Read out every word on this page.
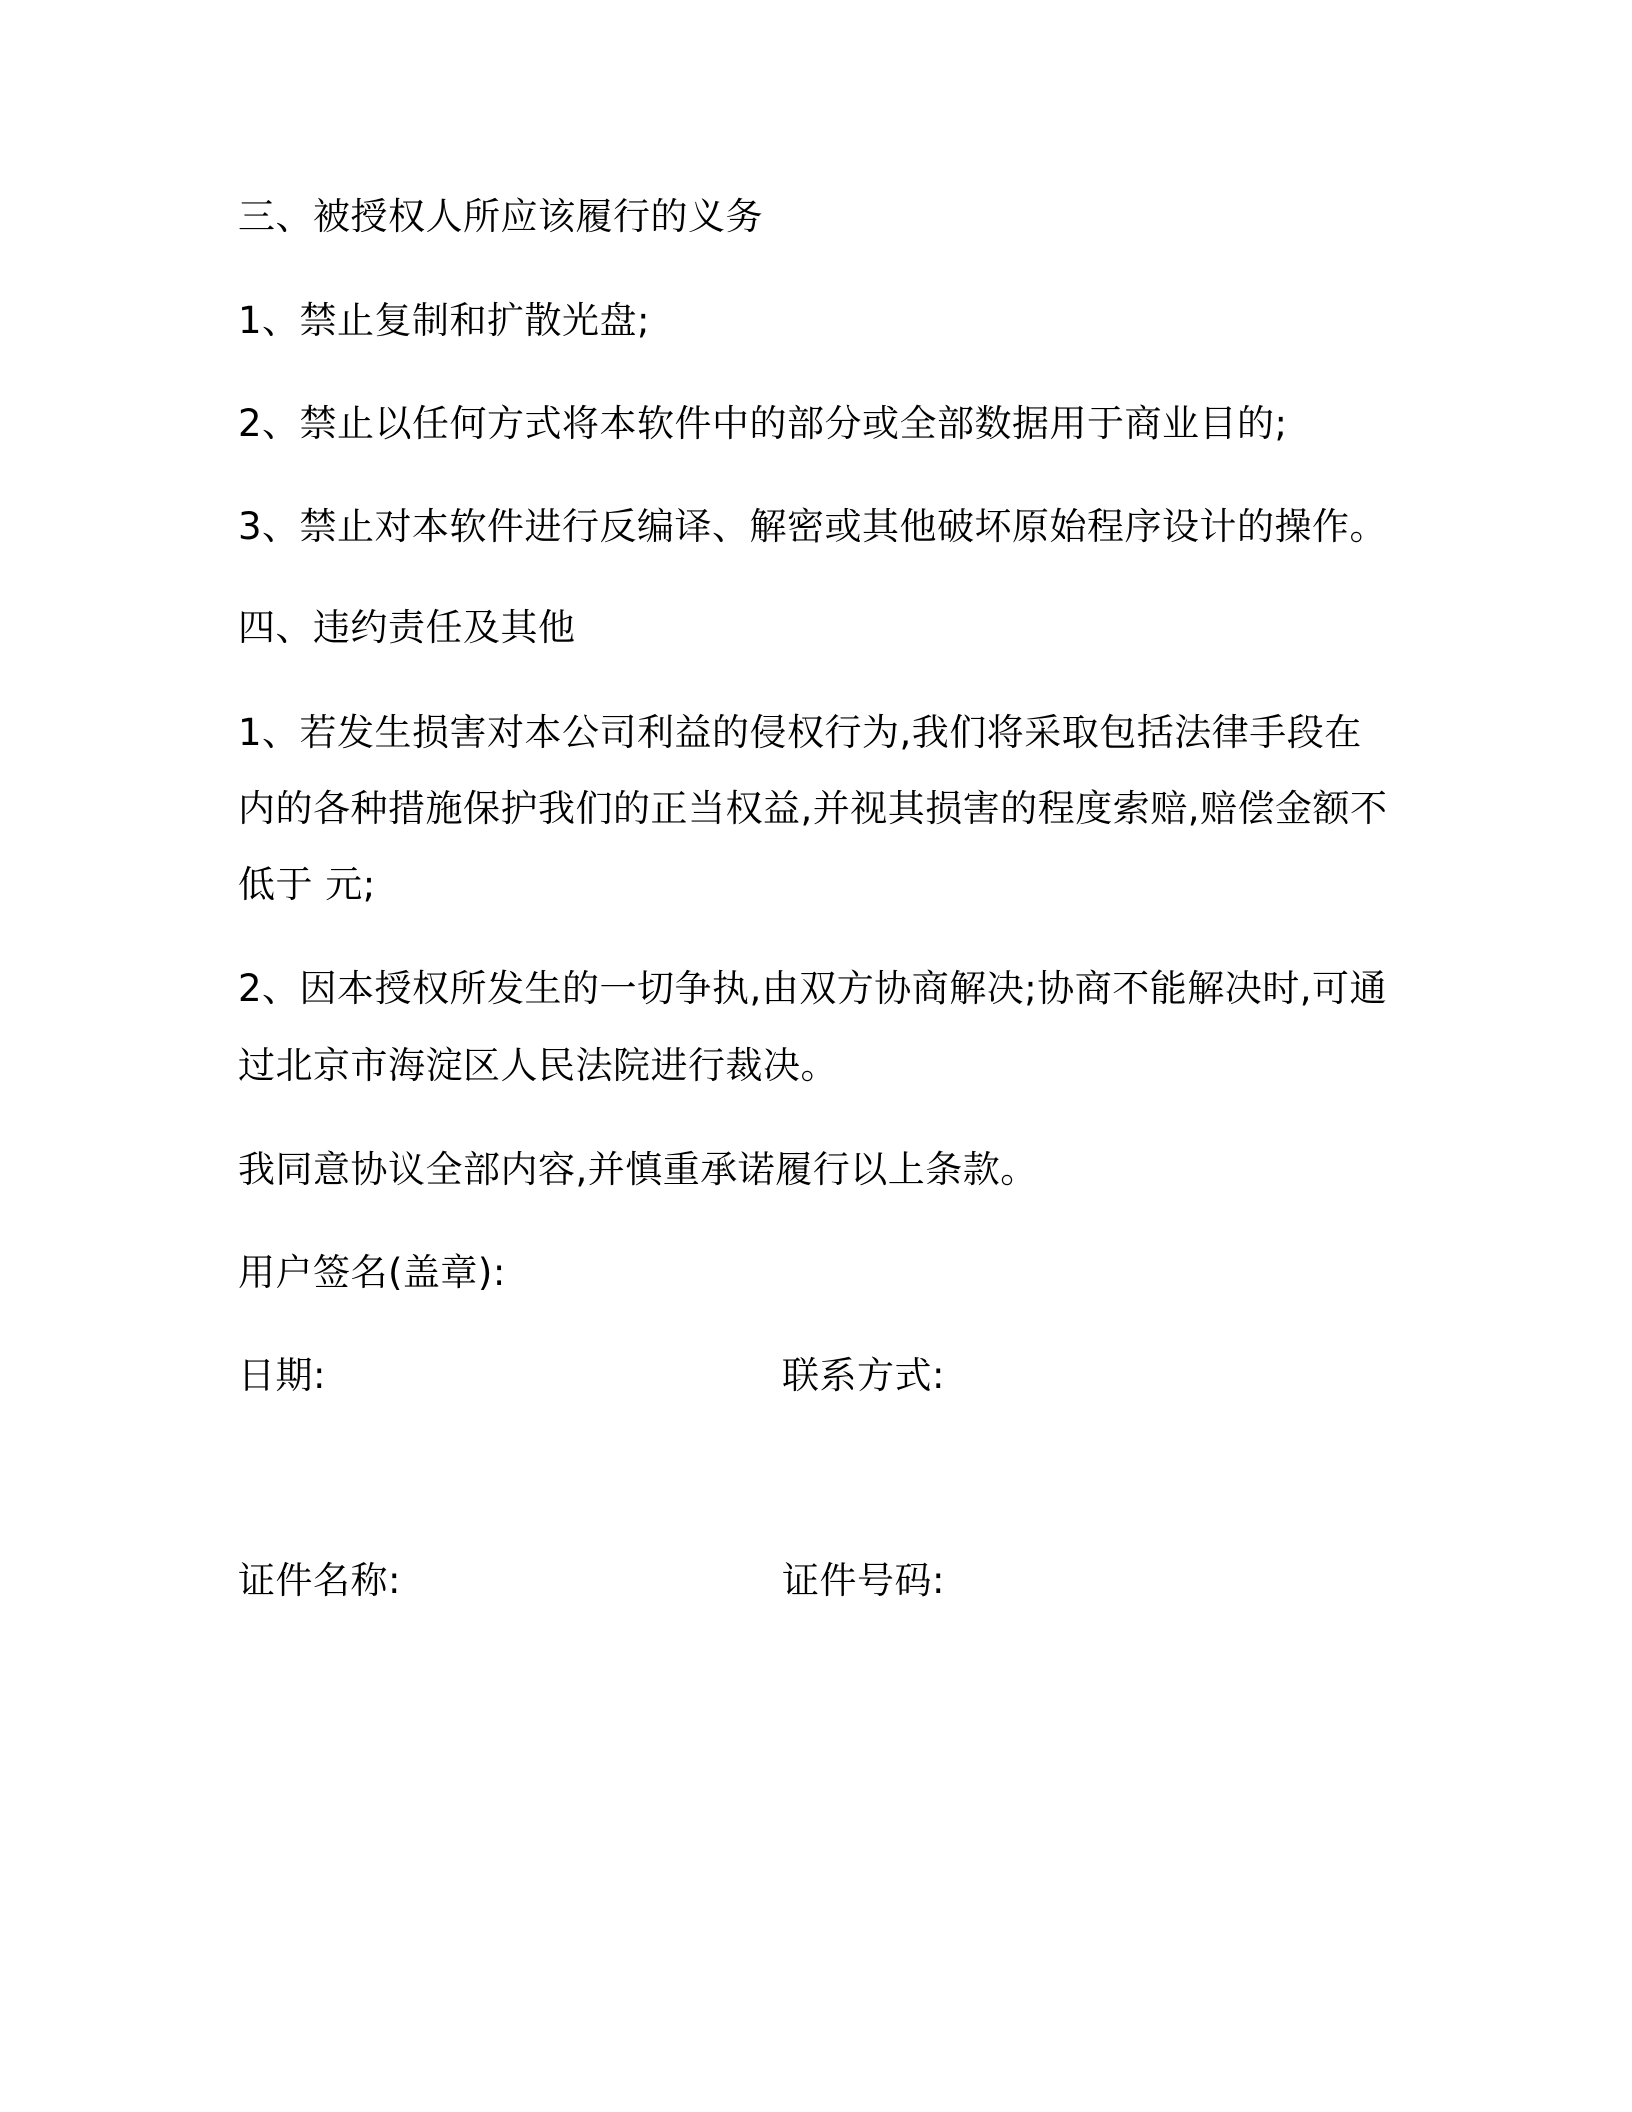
三、被授权人所应该履行的义务
1、禁止复制和扩散光盘;
2、禁止以任何方式将本软件中的部分或全部数据用于商业目的;
3、禁止对本软件进行反编译、解密或其他破坏原始程序设计的操作。
四、违约责任及其他
1、若发生损害对本公司利益的侵权行为,我们将采取包括法律手段在
内的各种措施保护我们的正当权益,并视其损害的程度索赔,赔偿金额不
低于 元;
2、因本授权所发生的一切争执,由双方协商解决;协商不能解决时,可通
过北京市海淀区人民法院进行裁决。
我同意协议全部内容,并慎重承诺履行以上条款。
用户签名(盖章):
日期:	联系方式:
证件名称:	证件号码:
